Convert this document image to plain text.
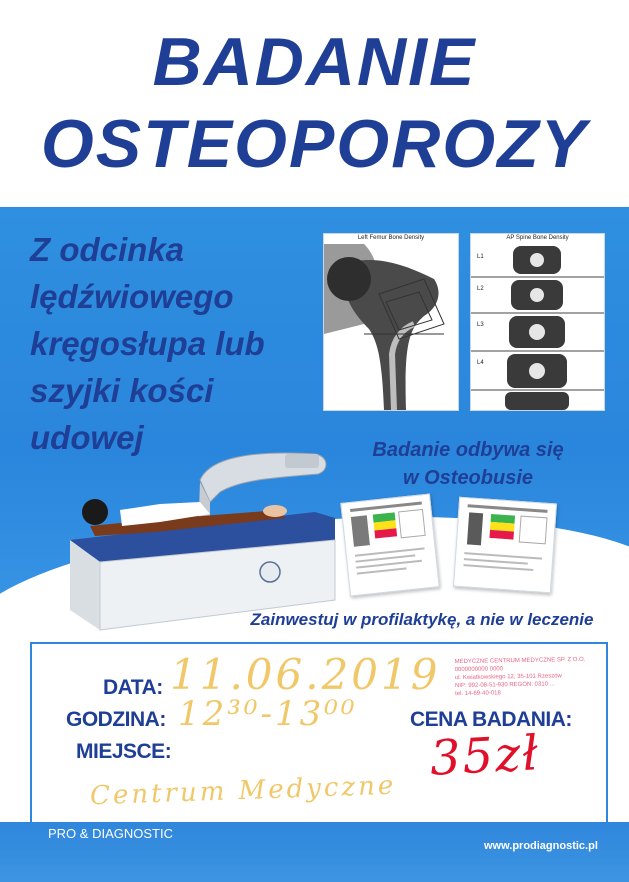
BADANIE
OSTEOPOROZY
Z odcinka
lędźwiowego
kręgosłupa lub
szyjki kości
udowej
Left Femur Bone Density	AP Spine Bone Density
L1
L2
L3
L4
Badanie odbywa się
w Osteobusie
Zainwestuj w profilaktykę, a nie w leczenie
DATA:
GODZINA:
MIEJSCE:
CENA BADANIA:
11.06.2019
12³⁰-13⁰⁰
Centrum Medyczne
35zł
MEDYCZNE CENTRUM MEDYCZNE SP. Z O.O.
0000000000 0000
ul. Kwiatkowskiego 12, 35-101 Rzeszów
NIP: 992-08-51-930 REGON: 0310 ...
tel. 14-69-40-018
PRO & DIAGNOSTIC
www.prodiagnostic.pl
